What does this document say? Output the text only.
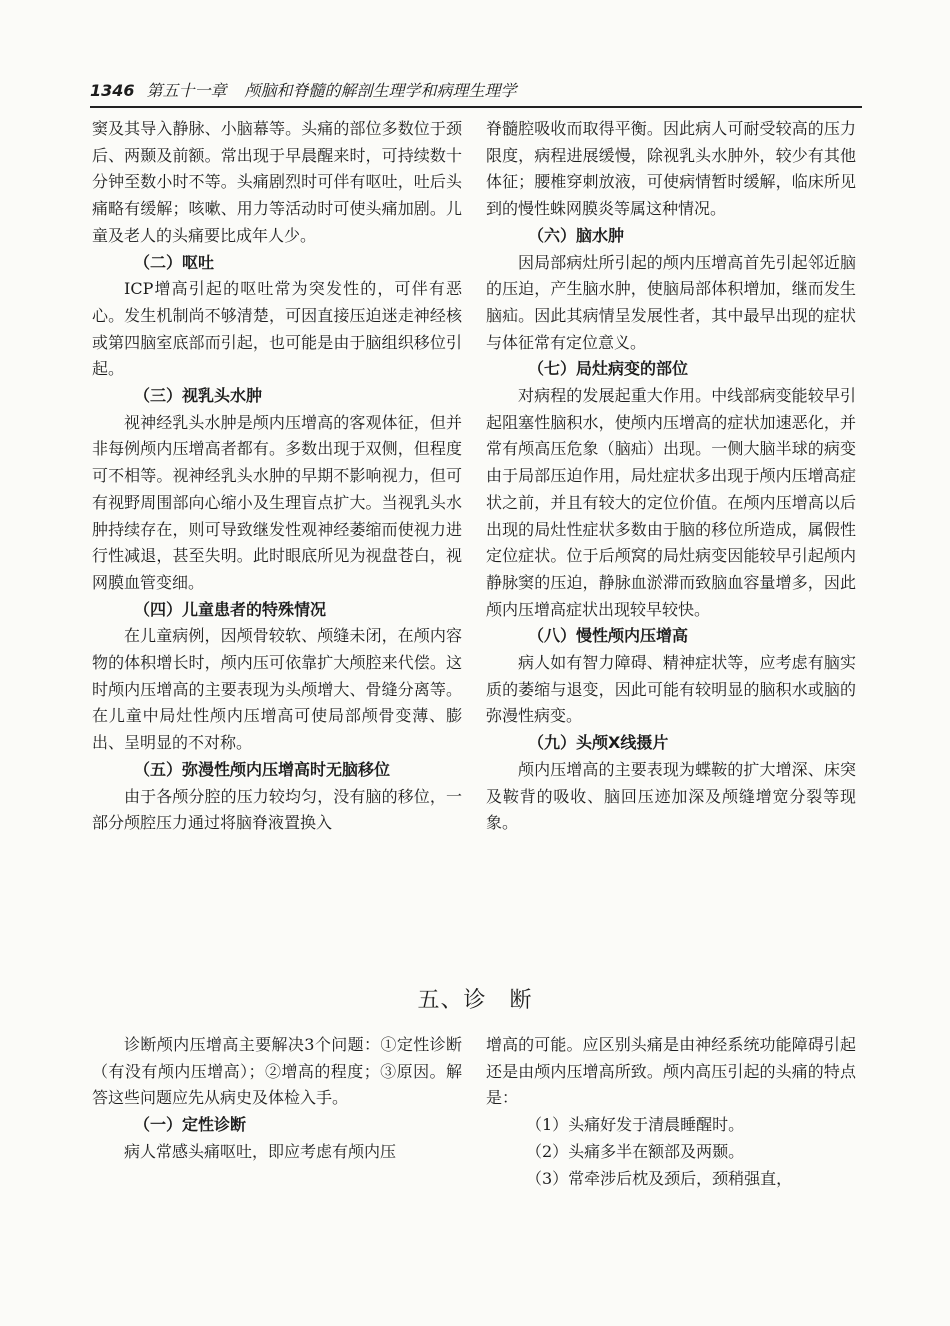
1346 第五十一章 颅脑和脊髓的解剖生理学和病理生理学

窦及其导入静脉、小脑幕等。头痛的部位多数位于颈后、两颞及前额。常出现于早晨醒来时，可持续数十分钟至数小时不等。头痛剧烈时可伴有呕吐，吐后头痛略有缓解；咳嗽、用力等活动时可使头痛加剧。儿童及老人的头痛要比成年人少。

（二）呕吐

ICP增高引起的呕吐常为突发性的，可伴有恶心。发生机制尚不够清楚，可因直接压迫迷走神经核或第四脑室底部而引起，也可能是由于脑组织移位引起。

（三）视乳头水肿

视神经乳头水肿是颅内压增高的客观体征，但并非每例颅内压增高者都有。多数出现于双侧，但程度可不相等。视神经乳头水肿的早期不影响视力，但可有视野周围部向心缩小及生理盲点扩大。当视乳头水肿持续存在，则可导致继发性观神经萎缩而使视力进行性减退，甚至失明。此时眼底所见为视盘苍白，视网膜血管变细。

（四）儿童患者的特殊情况

在儿童病例，因颅骨较软、颅缝未闭，在颅内容物的体积增长时，颅内压可依靠扩大颅腔来代偿。这时颅内压增高的主要表现为头颅增大、骨缝分离等。在儿童中局灶性颅内压增高可使局部颅骨变薄、膨出、呈明显的不对称。

（五）弥漫性颅内压增高时无脑移位

由于各颅分腔的压力较均匀，没有脑的移位，一部分颅腔压力通过将脑脊液置换入

脊髓腔吸收而取得平衡。因此病人可耐受较高的压力限度，病程进展缓慢，除视乳头水肿外，较少有其他体征；腰椎穿刺放液，可使病情暂时缓解，临床所见到的慢性蛛网膜炎等属这种情况。

（六）脑水肿

因局部病灶所引起的颅内压增高首先引起邻近脑的压迫，产生脑水肿，使脑局部体积增加，继而发生脑疝。因此其病情呈发展性者，其中最早出现的症状与体征常有定位意义。

（七）局灶病变的部位

对病程的发展起重大作用。中线部病变能较早引起阻塞性脑积水，使颅内压增高的症状加速恶化，并常有颅高压危象（脑疝）出现。一侧大脑半球的病变由于局部压迫作用，局灶症状多出现于颅内压增高症状之前，并且有较大的定位价值。在颅内压增高以后出现的局灶性症状多数由于脑的移位所造成，属假性定位症状。位于后颅窝的局灶病变因能较早引起颅内静脉窦的压迫，静脉血淤滞而致脑血容量增多，因此颅内压增高症状出现较早较快。

（八）慢性颅内压增高

病人如有智力障碍、精神症状等，应考虑有脑实质的萎缩与退变，因此可能有较明显的脑积水或脑的弥漫性病变。

（九）头颅X线摄片

颅内压增高的主要表现为蝶鞍的扩大增深、床突及鞍背的吸收、脑回压迹加深及颅缝增宽分裂等现象。

五、诊　断

诊断颅内压增高主要解决3个问题：①定性诊断（有没有颅内压增高）；②增高的程度；③原因。解答这些问题应先从病史及体检入手。

（一）定性诊断

病人常感头痛呕吐，即应考虑有颅内压

增高的可能。应区别头痛是由神经系统功能障碍引起还是由颅内压增高所致。颅内高压引起的头痛的特点是：

（1）头痛好发于清晨睡醒时。

（2）头痛多半在额部及两颞。

（3）常牵涉后枕及颈后，颈稍强直，
